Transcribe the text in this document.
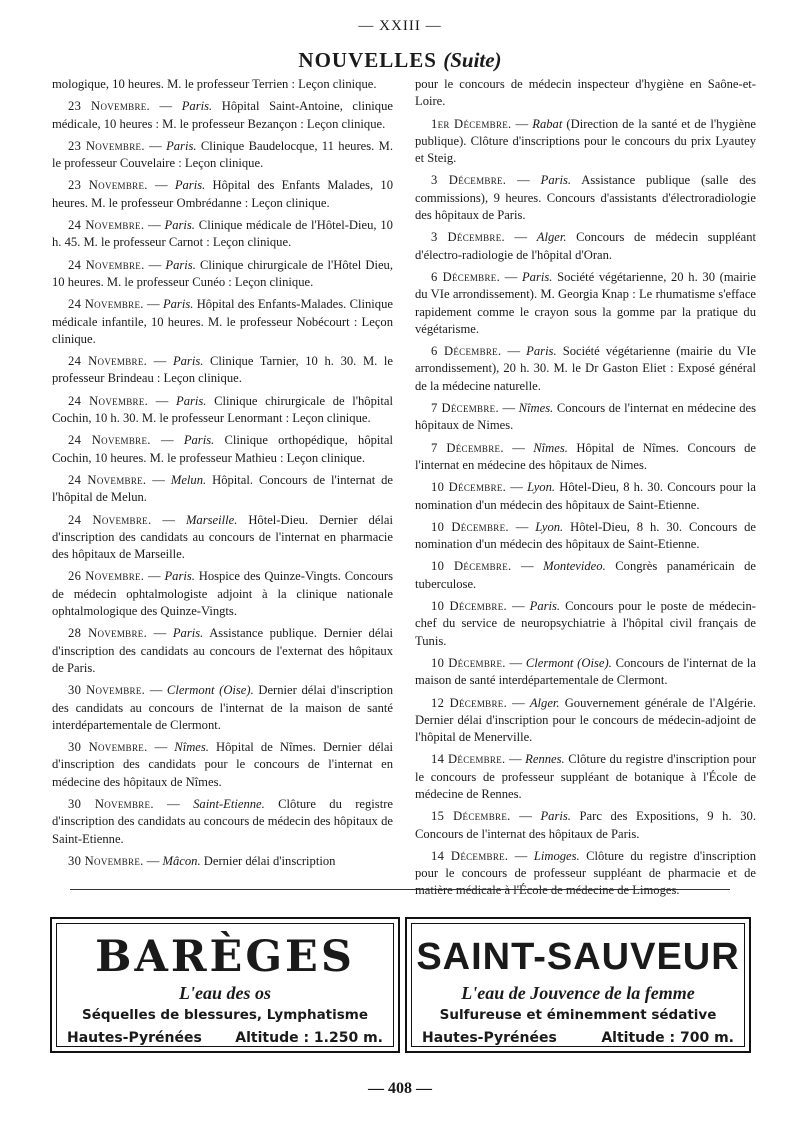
— XXIII —
NOUVELLES (Suite)

mologique, 10 heures. M. le professeur Terrien : Leçon clinique.

23 Novembre. — Paris. Hôpital Saint-Antoine, clinique médicale, 10 heures : M. le professeur Bezançon : Leçon clinique.

23 Novembre. — Paris. Clinique Baudelocque, 11 heures. M. le professeur Couvelaire : Leçon clinique.

23 Novembre. — Paris. Hôpital des Enfants Malades, 10 heures. M. le professeur Ombrédanne : Leçon clinique.

24 Novembre. — Paris. Clinique médicale de l'Hôtel-Dieu, 10 h. 45. M. le professeur Carnot : Leçon clinique.

24 Novembre. — Paris. Clinique chirurgicale de l'Hôtel Dieu, 10 heures. M. le professeur Cunéo : Leçon clinique.

24 Novembre. — Paris. Hôpital des Enfants-Malades. Clinique médicale infantile, 10 heures. M. le professeur Nobécourt : Leçon clinique.

24 Novembre. — Paris. Clinique Tarnier, 10 h. 30. M. le professeur Brindeau : Leçon clinique.

24 Novembre. — Paris. Clinique chirurgicale de l'hôpital Cochin, 10 h. 30. M. le professeur Lenormant : Leçon clinique.

24 Novembre. — Paris. Clinique orthopédique, hôpital Cochin, 10 heures. M. le professeur Mathieu : Leçon clinique.

24 Novembre. — Melun. Hôpital. Concours de l'internat de l'hôpital de Melun.

24 Novembre. — Marseille. Hôtel-Dieu. Dernier délai d'inscription des candidats au concours de l'internat en pharmacie des hôpitaux de Marseille.

26 Novembre. — Paris. Hospice des Quinze-Vingts. Concours de médecin ophtalmologiste adjoint à la clinique nationale ophtalmologique des Quinze-Vingts.

28 Novembre. — Paris. Assistance publique. Dernier délai d'inscription des candidats au concours de l'externat des hôpitaux de Paris.

30 Novembre. — Clermont (Oise). Dernier délai d'inscription des candidats au concours de l'internat de la maison de santé interdépartementale de Clermont.

30 Novembre. — Nîmes. Hôpital de Nîmes. Dernier délai d'inscription des candidats pour le concours de l'internat en médecine des hôpitaux de Nîmes.

30 Novembre. — Saint-Etienne. Clôture du registre d'inscription des candidats au concours de médecin des hôpitaux de Saint-Etienne.

30 Novembre. — Mâcon. Dernier délai d'inscription

pour le concours de médecin inspecteur d'hygiène en Saône-et-Loire.

1er Décembre. — Rabat (Direction de la santé et de l'hygiène publique). Clôture d'inscriptions pour le concours du prix Lyautey et Steig.

3 Décembre. — Paris. Assistance publique (salle des commissions), 9 heures. Concours d'assistants d'électroradiologie des hôpitaux de Paris.

3 Décembre. — Alger. Concours de médecin suppléant d'électro-radiologie de l'hôpital d'Oran.

6 Décembre. — Paris. Société végétarienne, 20 h. 30 (mairie du VIe arrondissement). M. Georgia Knap : Le rhumatisme s'efface rapidement comme le crayon sous la gomme par la pratique du végétarisme.

6 Décembre. — Paris. Société végétarienne (mairie du VIe arrondissement), 20 h. 30. M. le Dr Gaston Eliet : Exposé général de la médecine naturelle.

7 Décembre. — Nîmes. Concours de l'internat en médecine des hôpitaux de Nimes.

7 Décembre. — Nîmes. Hôpital de Nîmes. Concours de l'internat en médecine des hôpitaux de Nimes.

10 Décembre. — Lyon. Hôtel-Dieu, 8 h. 30. Concours pour la nomination d'un médecin des hôpitaux de Saint-Etienne.

10 Décembre. — Lyon. Hôtel-Dieu, 8 h. 30. Concours de nomination d'un médecin des hôpitaux de Saint-Etienne.

10 Décembre. — Montevideo. Congrès panaméricain de tuberculose.

10 Décembre. — Paris. Concours pour le poste de médecin-chef du service de neuropsychiatrie à l'hôpital civil français de Tunis.

10 Décembre. — Clermont (Oise). Concours de l'internat de la maison de santé interdépartementale de Clermont.

12 Décembre. — Alger. Gouvernement générale de l'Algérie. Dernier délai d'inscription pour le concours de médecin-adjoint de l'hôpital de Menerville.

14 Décembre. — Rennes. Clôture du registre d'inscription pour le concours de professeur suppléant de botanique à l'École de médecine de Rennes.

15 Décembre. — Paris. Parc des Expositions, 9 h. 30. Concours de l'internat des hôpitaux de Paris.

14 Décembre. — Limoges. Clôture du registre d'inscription pour le concours de professeur suppléant de pharmacie et de matière médicale à l'École de médecine de Limoges.

BARÈGES
L'eau des os
Séquelles de blessures, Lymphatisme
Hautes-Pyrénées Altitude : 1.250 m.
SAINT-SAUVEUR
L'eau de Jouvence de la femme
Sulfureuse et éminemment sédative
Hautes-Pyrénées	Altitude : 700 m.
— 408 —
